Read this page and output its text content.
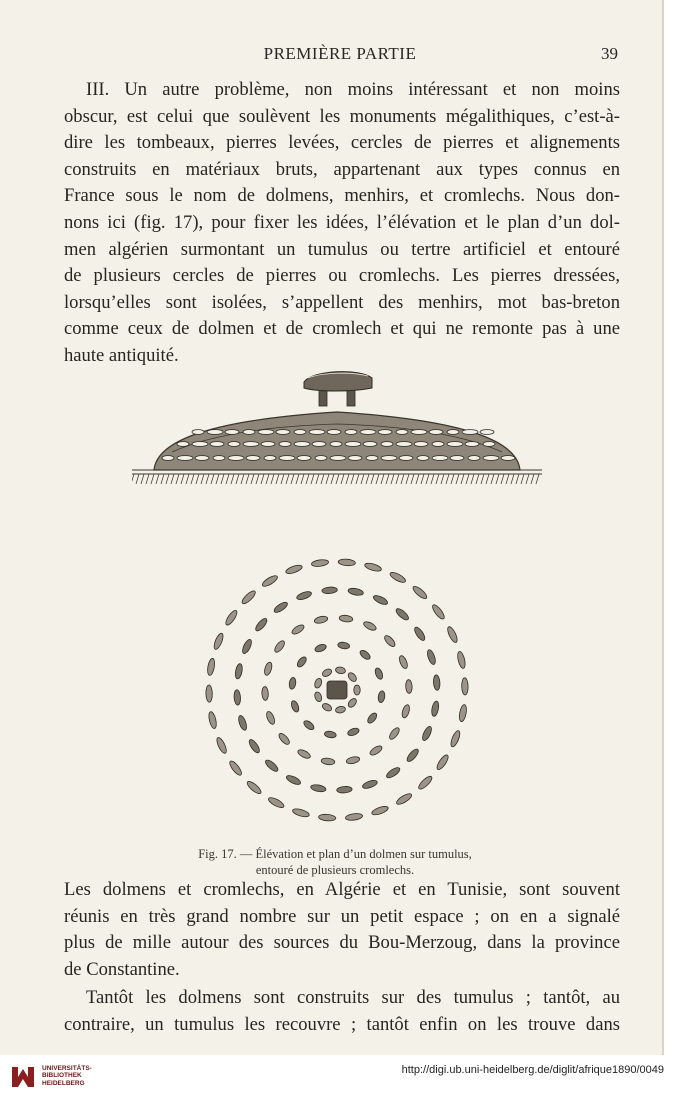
PREMIÈRE PARTIE	39
III. Un autre problème, non moins intéressant et non moins
obscur, est celui que soulèvent les monuments mégalithiques, c’est-à-
dire les tombeaux, pierres levées, cercles de pierres et alignements
construits en matériaux bruts, appartenant aux types connus en
France sous le nom de dolmens, menhirs, et cromlechs. Nous don-
nons ici (fig. 17), pour fixer les idées, l’élévation et le plan d’un dol-
men algérien surmontant un tumulus ou tertre artificiel et entouré
de plusieurs cercles de pierres ou cromlechs. Les pierres dressées,
lorsqu’elles sont isolées, s’appellent des menhirs, mot bas-breton
comme ceux de dolmen et de cromlech et qui ne remonte pas à une
haute antiquité.
Fig. 17. — Élévation et plan d’un dolmen sur tumulus,
entouré de plusieurs cromlechs.
Les dolmens et cromlechs, en Algérie et en Tunisie, sont souvent
réunis en très grand nombre sur un petit espace ; on en a signalé
plus de mille autour des sources du Bou-Merzoug, dans la province
de Constantine.
Tantôt les dolmens sont construits sur des tumulus ; tantôt, au
contraire, un tumulus les recouvre ; tantôt enfin on les trouve dans
UNIVERSITÄTS-
BIBLIOTHEK
HEIDELBERG
http://digi.ub.uni-heidelberg.de/diglit/afrique1890/0049
